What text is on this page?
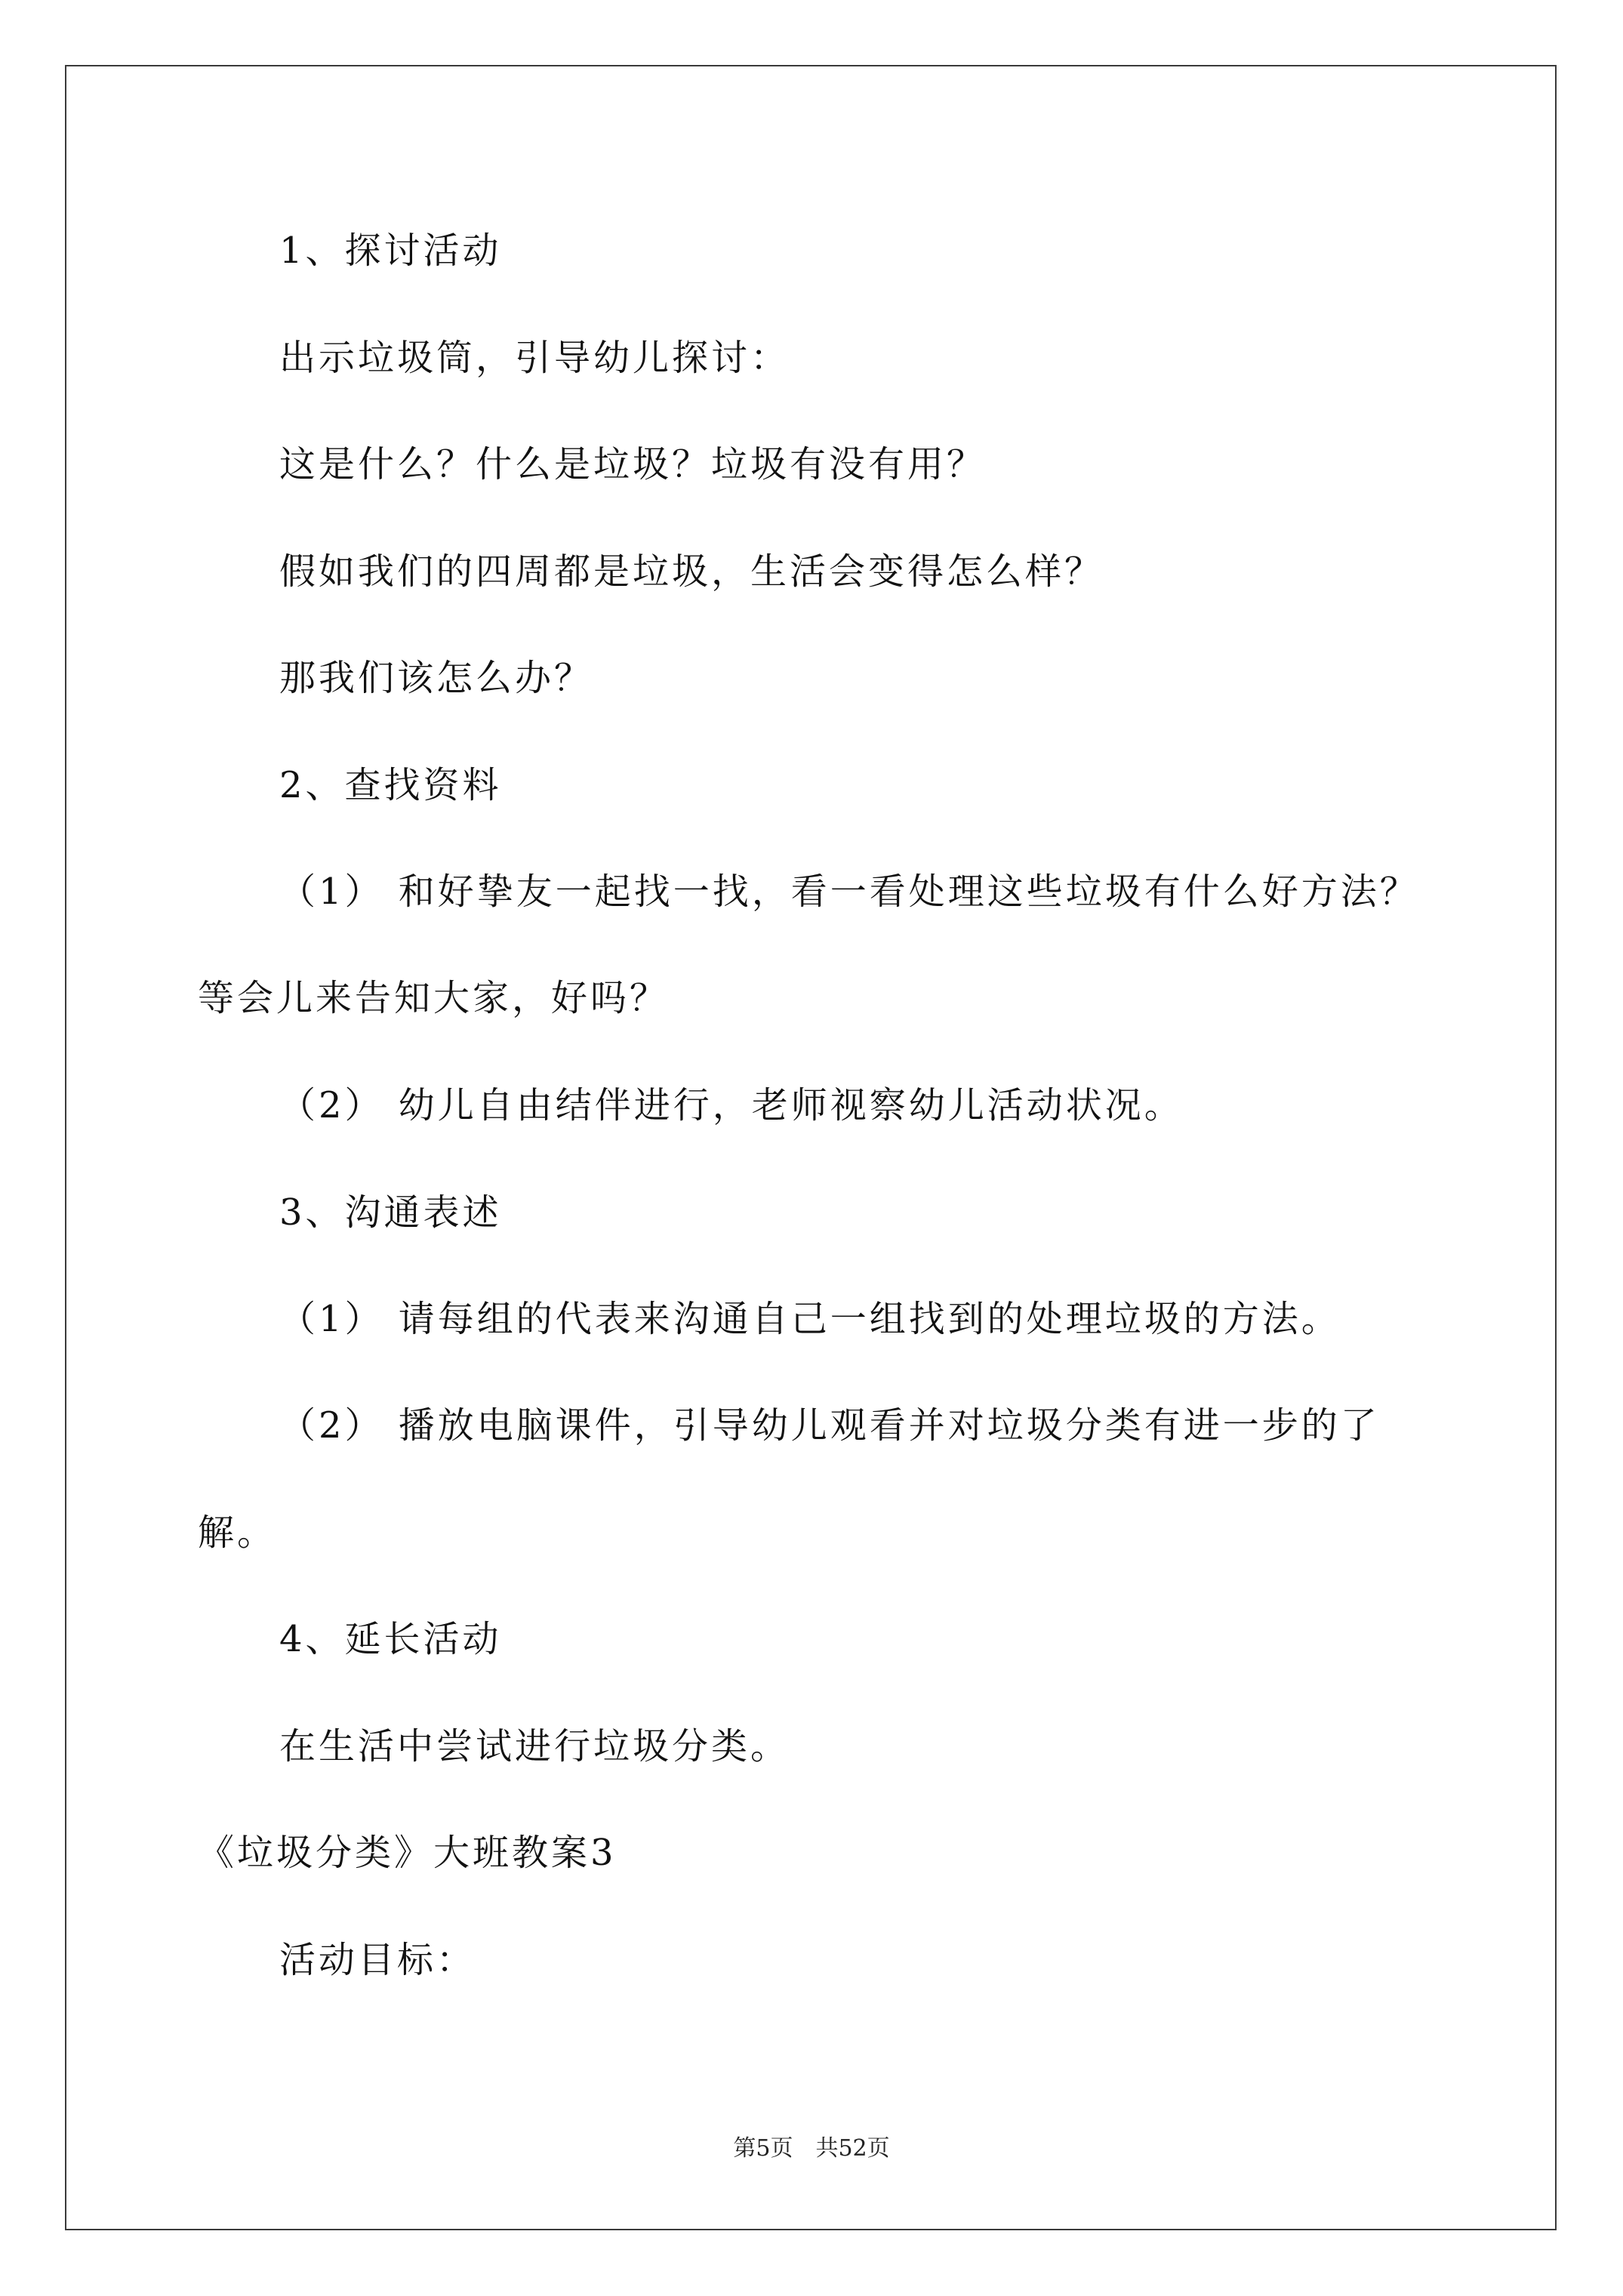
1、探讨活动
出示垃圾筒，引导幼儿探讨：
这是什么？什么是垃圾？垃圾有没有用？
假如我们的四周都是垃圾，生活会变得怎么样？
那我们该怎么办？
2、查找资料
（1） 和好挚友一起找一找，看一看处理这些垃圾有什么好方法？
等会儿来告知大家，好吗？
（2） 幼儿自由结伴进行，老师视察幼儿活动状况。
3、沟通表述
（1） 请每组的代表来沟通自己一组找到的处理垃圾的方法。
（2） 播放电脑课件，引导幼儿观看并对垃圾分类有进一步的了
解。
4、延长活动
在生活中尝试进行垃圾分类。
《垃圾分类》大班教案3
活动目标：
第5页 共52页
